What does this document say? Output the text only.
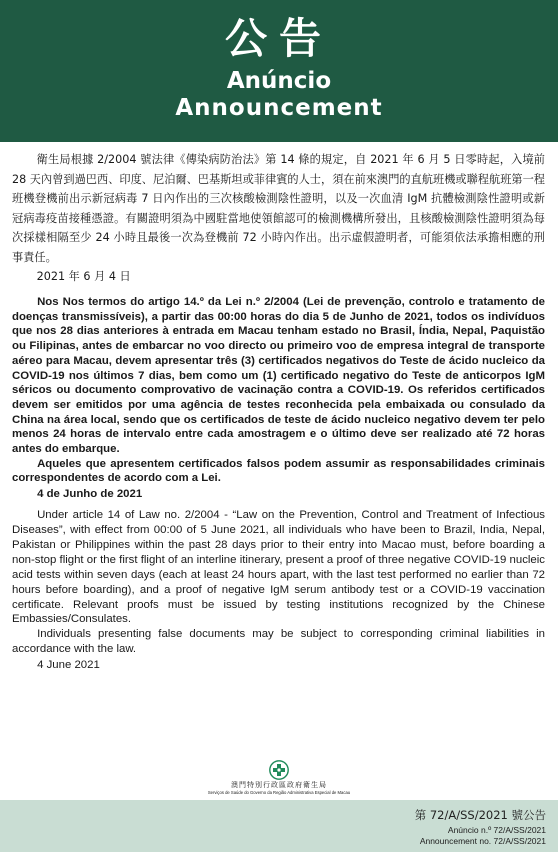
公告
Anúncio
Announcement

衛生局根據 2/2004 號法律《傳染病防治法》第 14 條的規定，自 2021 年 6 月 5 日零時起，入境前 28 天內曾到過巴西、印度、尼泊爾、巴基斯坦或菲律賓的人士，須在前來澳門的直航班機或聯程航班第一程班機登機前出示新冠病毒 7 日內作出的三次核酸檢測陰性證明，以及一次血清 IgM 抗體檢測陰性證明或新冠病毒疫苗接種憑證。有關證明須為中國駐當地使領館認可的檢測機構所發出，且核酸檢測陰性證明須為每次採樣相隔至少 24 小時且最後一次為登機前 72 小時內作出。出示虛假證明者，可能須依法承擔相應的刑事責任。

2021 年 6 月 4 日

Nos Nos termos do artigo 14.º da Lei n.º 2/2004 (Lei de prevenção, controlo e tratamento de doenças transmissíveis), a partir das 00:00 horas do dia 5 de Junho de 2021, todos os indivíduos que nos 28 dias anteriores à entrada em Macau tenham estado no Brasil, Índia, Nepal, Paquistão ou Filipinas, antes de embarcar no voo directo ou primeiro voo de empresa integral de transporte aéreo para Macau, devem apresentar três (3) certificados negativos do Teste de ácido nucleico da COVID-19 nos últimos 7 dias, bem como um (1) certificado negativo do Teste de anticorpos IgM séricos ou documento comprovativo de vacinação contra a COVID-19. Os referidos certificados devem ser emitidos por uma agência de testes reconhecida pela embaixada ou consulado da China na área local, sendo que os certificados de teste de ácido nucleico negativo devem ter pelo menos 24 horas de intervalo entre cada amostragem e o último deve ser realizado até 72 horas antes do embarque.

Aqueles que apresentem certificados falsos podem assumir as responsabilidades criminais correspondentes de acordo com a Lei.

4 de Junho de 2021

Under article 14 of Law no. 2/2004 - “Law on the Prevention, Control and Treatment of Infectious Diseases”, with effect from 00:00 of 5 June 2021, all individuals who have been to Brazil, India, Nepal, Pakistan or Philippines within the past 28 days prior to their entry into Macao must, before boarding a non-stop flight or the first flight of an interline itinerary, present a proof of three negative COVID-19 nucleic acid tests within seven days (each at least 24 hours apart, with the last test performed no earlier than 72 hours before boarding), and a proof of negative IgM serum antibody test or a COVID-19 vaccination certificate. Relevant proofs must be issued by testing institutions recognized by the Chinese Embassies/Consulates.

Individuals presenting false documents may be subject to corresponding criminal liabilities in accordance with the law.

4 June 2021

澳門特別行政區政府衛生局
Serviços de Saúde do Governo da Região Administrativa Especial de Macau
第 72/A/SS/2021 號公告
Anúncio n.º 72/A/SS/2021
Announcement no. 72/A/SS/2021
